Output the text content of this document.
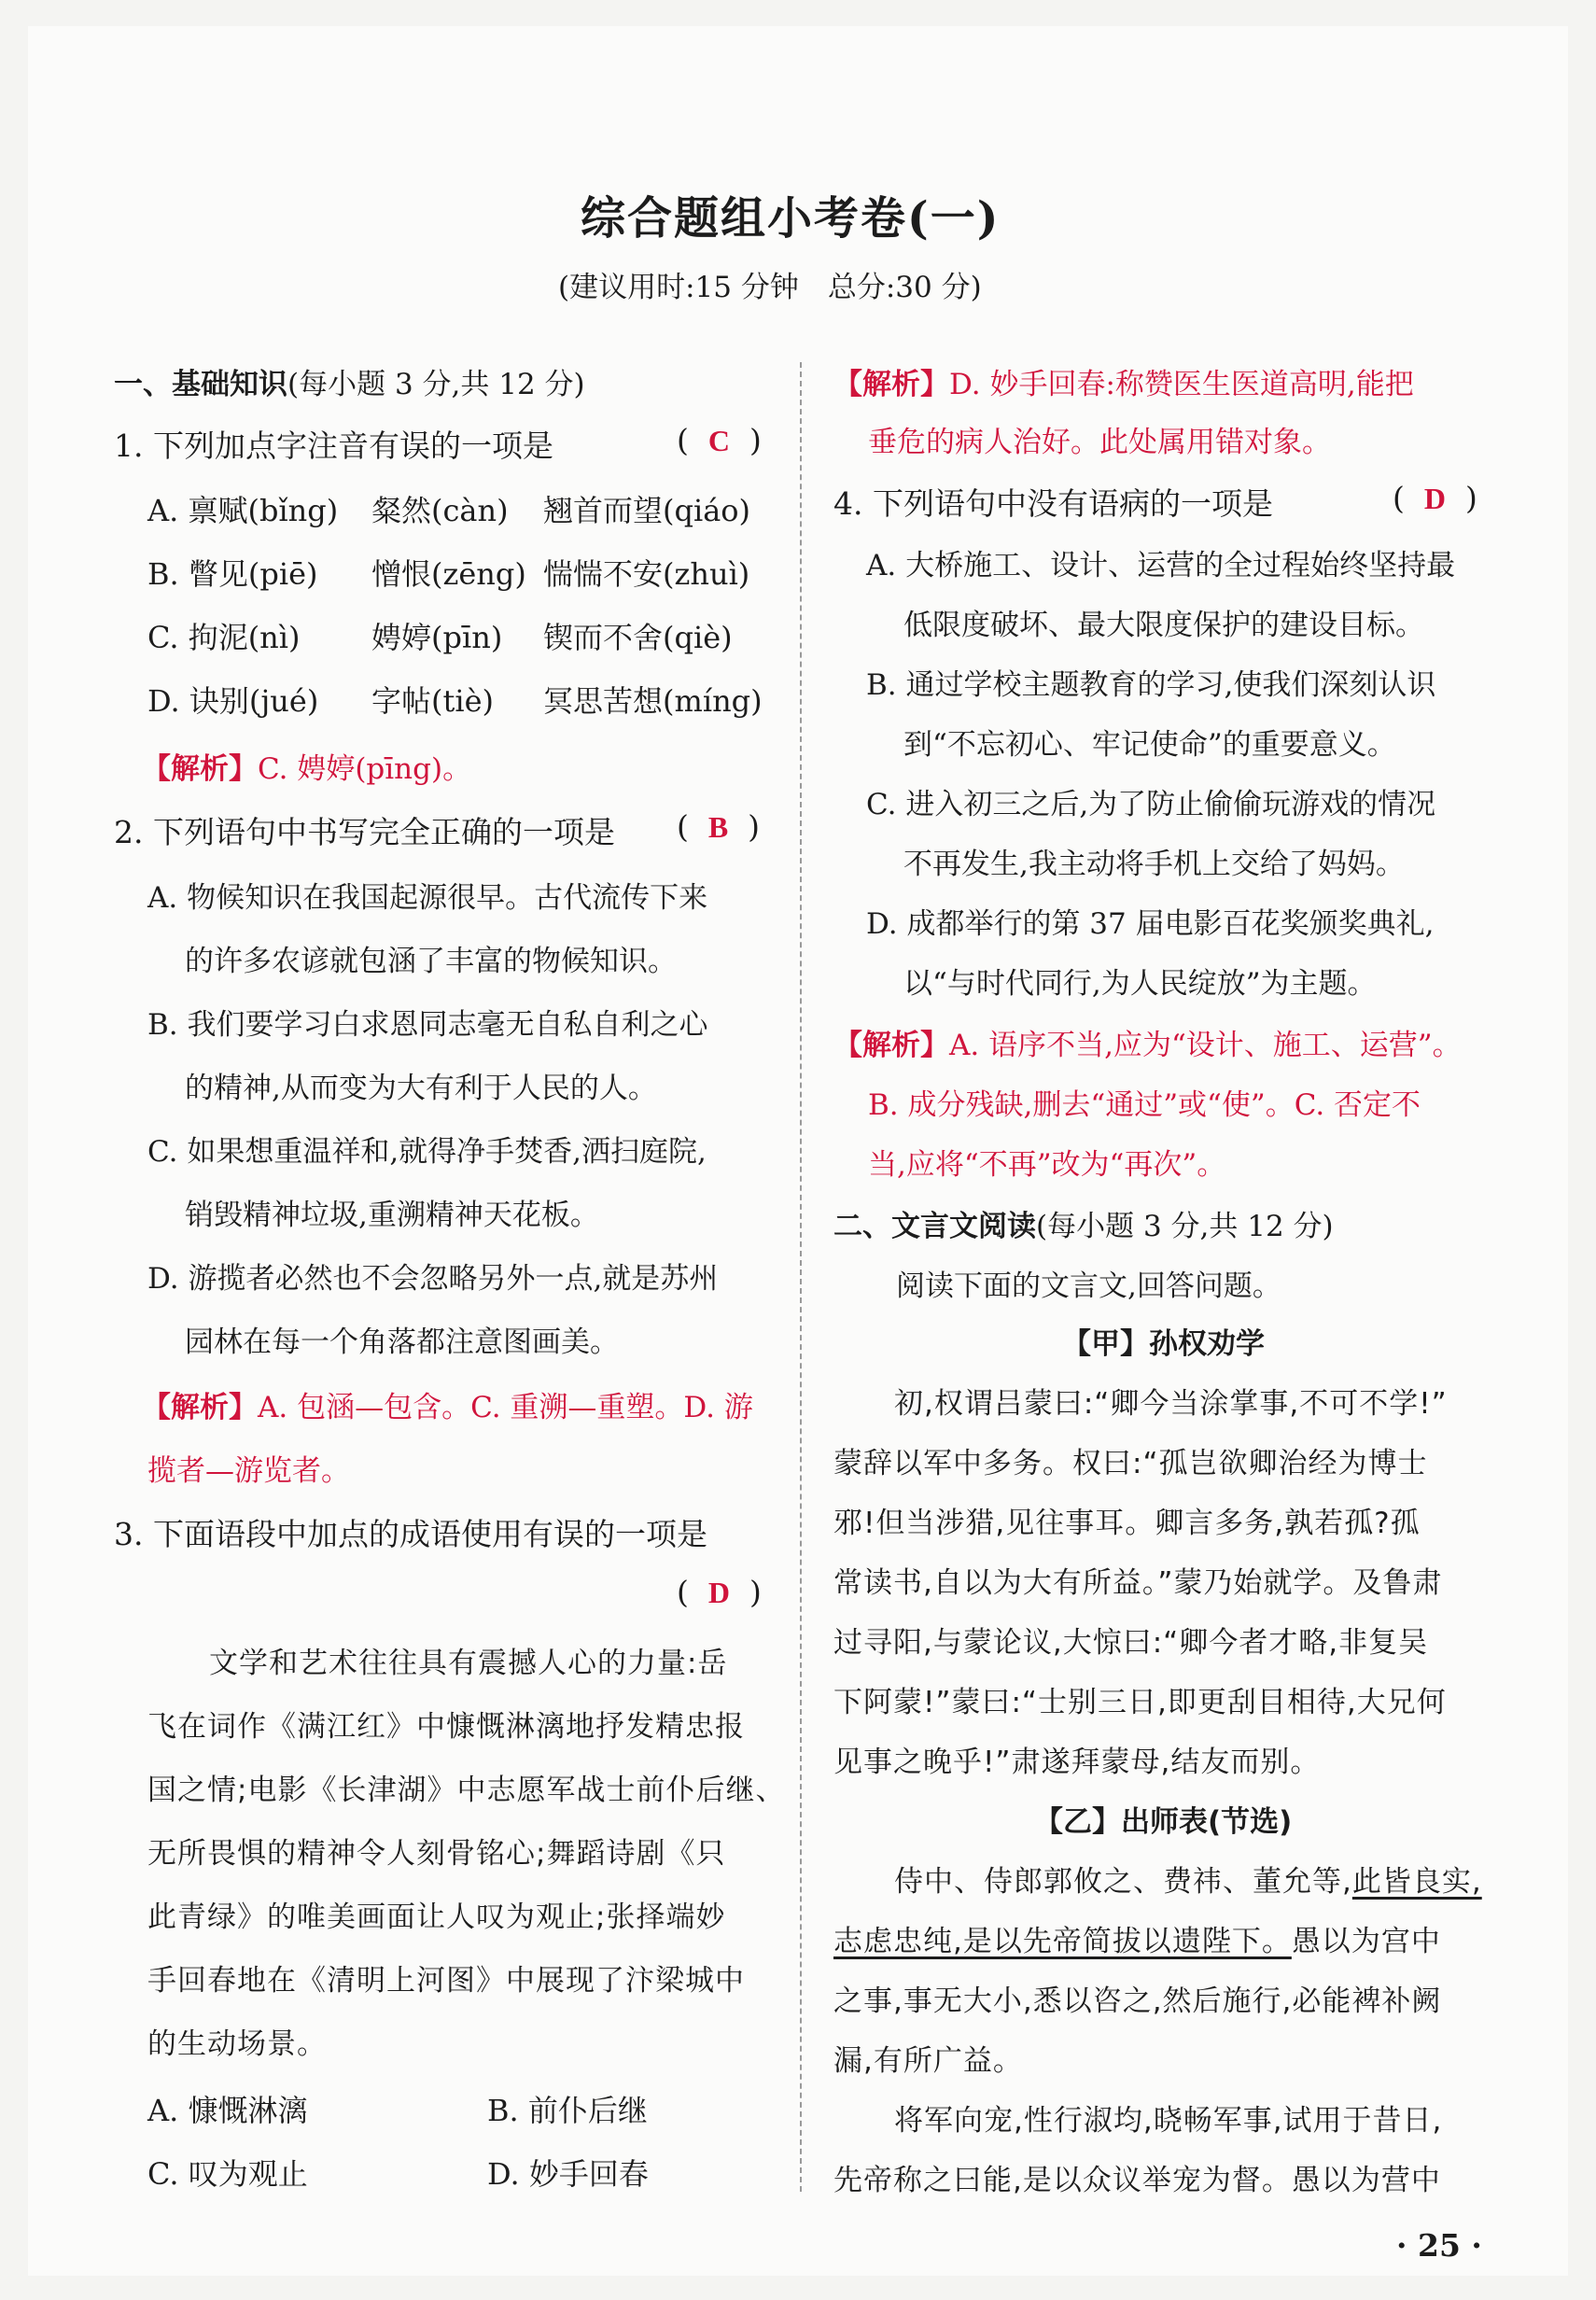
综合题组小考卷(一)
(建议用时:15 分钟　总分:30 分)
一、基础知识(每小题 3 分,共 12 分)
1. 下列加点字注音有误的一项是	(  C  )
A. 禀赋(bǐng) 粲然(càn) 翘首而望(qiáo)
B. 瞥见(piē) 憎恨(zēng) 惴惴不安(zhuì)
C. 拘泥(nì) 娉婷(pīn) 锲而不舍(qiè)
D. 诀别(jué) 字帖(tiè) 冥思苦想(míng)
【解析】C. 娉婷(pīng)。
2. 下列语句中书写完全正确的一项是 (  B  )
A. 物候知识在我国起源很早。古代流传下来
的许多农谚就包涵了丰富的物候知识。
B. 我们要学习白求恩同志毫无自私自利之心
的精神,从而变为大有利于人民的人。
C. 如果想重温祥和,就得净手焚香,洒扫庭院,
销毁精神垃圾,重溯精神天花板。
D. 游揽者必然也不会忽略另外一点,就是苏州
园林在每一个角落都注意图画美。
【解析】A. 包涵—包含。C. 重溯—重塑。D. 游
揽者—游览者。
3. 下面语段中加点的成语使用有误的一项是
(  D  )
文学和艺术往往具有震撼人心的力量:岳
飞在词作《满江红》中慷慨淋漓地抒发精忠报
国之情;电影《长津湖》中志愿军战士前仆后继、
无所畏惧的精神令人刻骨铭心;舞蹈诗剧《只
此青绿》的唯美画面让人叹为观止;张择端妙
手回春地在《清明上河图》中展现了汴梁城中
的生动场景。
A. 慷慨淋漓	B. 前仆后继
C. 叹为观止	D. 妙手回春
【解析】D. 妙手回春:称赞医生医道高明,能把
垂危的病人治好。此处属用错对象。
4. 下列语句中没有语病的一项是	(  D  )
A. 大桥施工、设计、运营的全过程始终坚持最
低限度破坏、最大限度保护的建设目标。
B. 通过学校主题教育的学习,使我们深刻认识
到“不忘初心、牢记使命”的重要意义。
C. 进入初三之后,为了防止偷偷玩游戏的情况
不再发生,我主动将手机上交给了妈妈。
D. 成都举行的第 37 届电影百花奖颁奖典礼,
以“与时代同行,为人民绽放”为主题。
【解析】A. 语序不当,应为“设计、施工、运营”。
B. 成分残缺,删去“通过”或“使”。C. 否定不
当,应将“不再”改为“再次”。
二、文言文阅读(每小题 3 分,共 12 分)
阅读下面的文言文,回答问题。
【甲】孙权劝学
初,权谓吕蒙曰:“卿今当涂掌事,不可不学!”
蒙辞以军中多务。权曰:“孤岂欲卿治经为博士
邪!但当涉猎,见往事耳。卿言多务,孰若孤?孤
常读书,自以为大有所益。”蒙乃始就学。及鲁肃
过寻阳,与蒙论议,大惊曰:“卿今者才略,非复吴
下阿蒙!”蒙曰:“士别三日,即更刮目相待,大兄何
见事之晚乎!”肃遂拜蒙母,结友而别。
【乙】出师表(节选)
侍中、侍郎郭攸之、费祎、董允等,此皆良实,
志虑忠纯,是以先帝简拔以遗陛下。愚以为宫中
之事,事无大小,悉以咨之,然后施行,必能裨补阙
漏,有所广益。
将军向宠,性行淑均,晓畅军事,试用于昔日,
先帝称之曰能,是以众议举宠为督。愚以为营中
· 25 ·
